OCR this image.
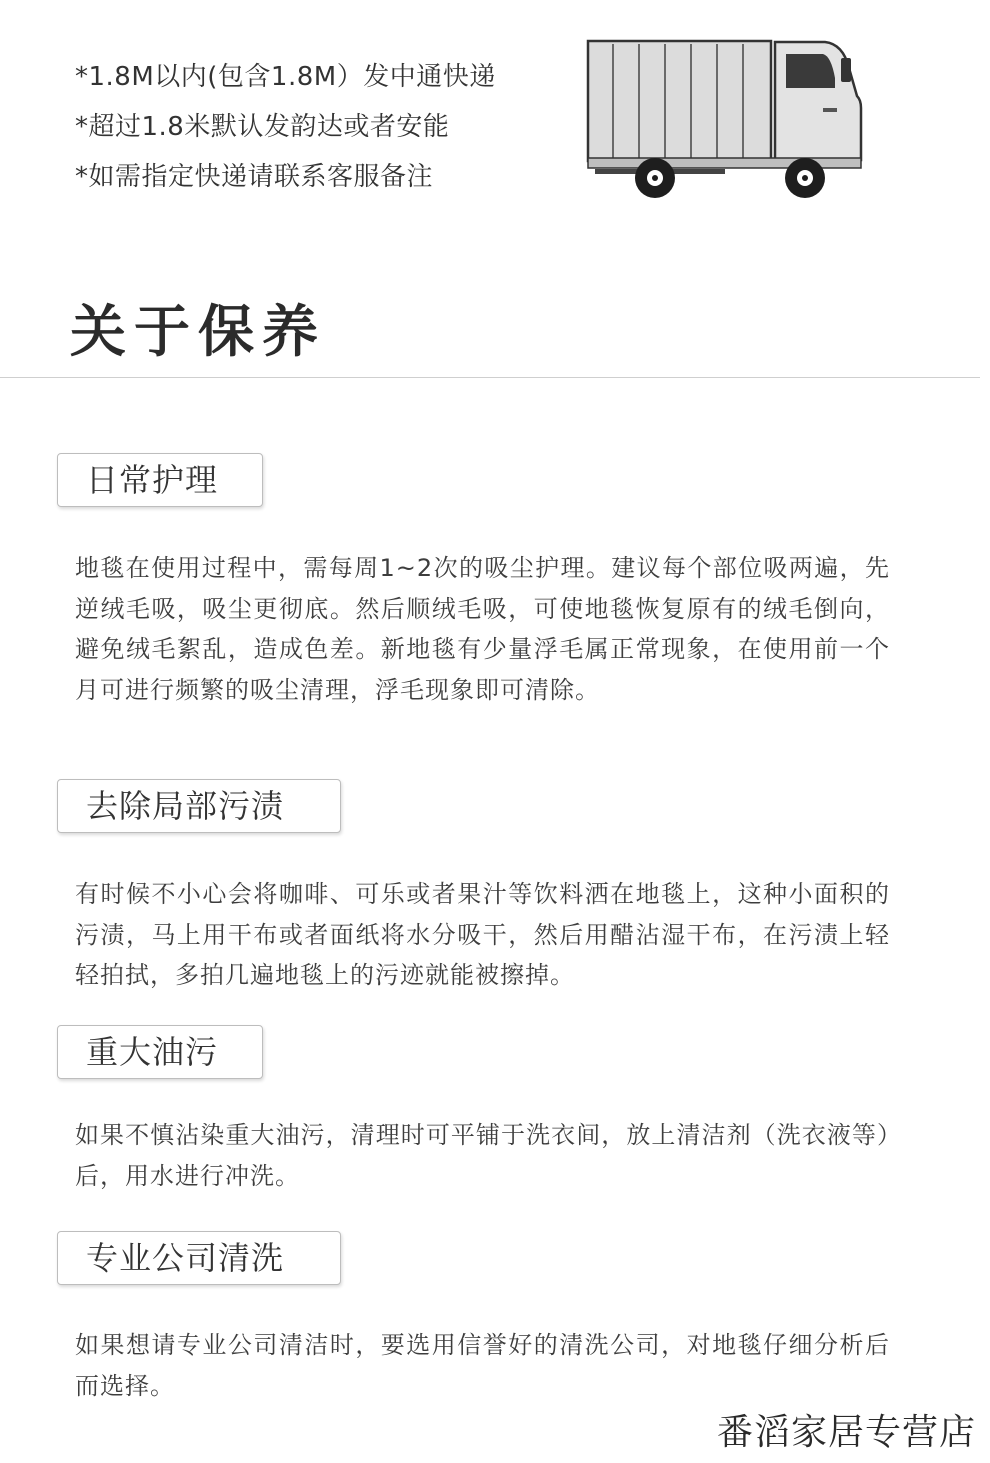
*1.8M以内(包含1.8M）发中通快递
*超过1.8米默认发韵达或者安能
*如需指定快递请联系客服备注
关于保养
日常护理
地毯在使用过程中，需每周1~2次的吸尘护理。建议每个部位吸两遍，先逆绒毛吸，吸尘更彻底。然后顺绒毛吸，可使地毯恢复原有的绒毛倒向，避免绒毛絮乱，造成色差。新地毯有少量浮毛属正常现象，在使用前一个月可进行频繁的吸尘清理，浮毛现象即可清除。
去除局部污渍
有时候不小心会将咖啡、可乐或者果汁等饮料洒在地毯上，这种小面积的污渍，马上用干布或者面纸将水分吸干，然后用醋沾湿干布，在污渍上轻轻拍拭，多拍几遍地毯上的污迹就能被擦掉。
重大油污
如果不慎沾染重大油污，清理时可平铺于洗衣间，放上清洁剂（洗衣液等）后，用水进行冲洗。
专业公司清洗
如果想请专业公司清洁时，要选用信誉好的清洗公司，对地毯仔细分析后而选择。
番滔家居专营店
